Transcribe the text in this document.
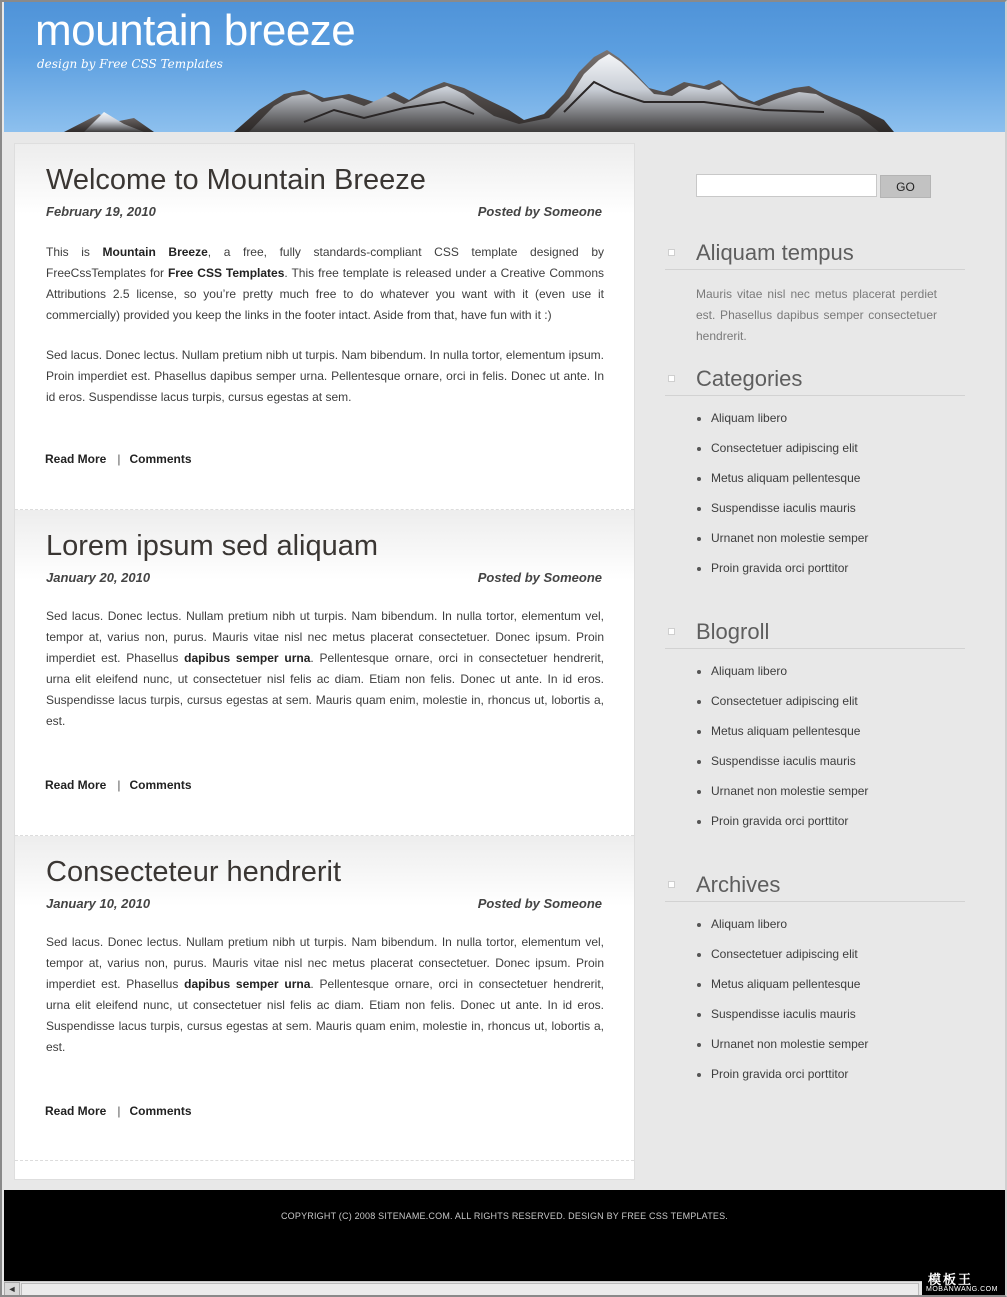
mountain breeze
design by Free CSS Templates
Welcome to Mountain Breeze
February 19, 2010	Posted by Someone

This is Mountain Breeze, a free, fully standards-compliant CSS template designed by FreeCssTemplates for Free CSS Templates. This free template is released under a Creative Commons Attributions 2.5 license, so you’re pretty much free to do whatever you want with it (even use it commercially) provided you keep the links in the footer intact. Aside from that, have fun with it :)

Sed lacus. Donec lectus. Nullam pretium nibh ut turpis. Nam bibendum. In nulla tortor, elementum ipsum. Proin imperdiet est. Phasellus dapibus semper urna. Pellentesque ornare, orci in felis. Donec ut ante. In id eros. Suspendisse lacus turpis, cursus egestas at sem.

Read More | Comments
Lorem ipsum sed aliquam
January 20, 2010	Posted by Someone

Sed lacus. Donec lectus. Nullam pretium nibh ut turpis. Nam bibendum. In nulla tortor, elementum vel, tempor at, varius non, purus. Mauris vitae nisl nec metus placerat consectetuer. Donec ipsum. Proin imperdiet est. Phasellus dapibus semper urna. Pellentesque ornare, orci in consectetuer hendrerit, urna elit eleifend nunc, ut consectetuer nisl felis ac diam. Etiam non felis. Donec ut ante. In id eros. Suspendisse lacus turpis, cursus egestas at sem. Mauris quam enim, molestie in, rhoncus ut, lobortis a, est.

Read More | Comments
Consecteteur hendrerit
January 10, 2010	Posted by Someone

Sed lacus. Donec lectus. Nullam pretium nibh ut turpis. Nam bibendum. In nulla tortor, elementum vel, tempor at, varius non, purus. Mauris vitae nisl nec metus placerat consectetuer. Donec ipsum. Proin imperdiet est. Phasellus dapibus semper urna. Pellentesque ornare, orci in consectetuer hendrerit, urna elit eleifend nunc, ut consectetuer nisl felis ac diam. Etiam non felis. Donec ut ante. In id eros. Suspendisse lacus turpis, cursus egestas at sem. Mauris quam enim, molestie in, rhoncus ut, lobortis a, est.

Read More | Comments
GO
Aliquam tempus
Mauris vitae nisl nec metus placerat perdiet est. Phasellus dapibus semper consectetuer hendrerit.
Categories
Aliquam libero
Consectetuer adipiscing elit
Metus aliquam pellentesque
Suspendisse iaculis mauris
Urnanet non molestie semper
Proin gravida orci porttitor
Blogroll
Aliquam libero
Consectetuer adipiscing elit
Metus aliquam pellentesque
Suspendisse iaculis mauris
Urnanet non molestie semper
Proin gravida orci porttitor
Archives
Aliquam libero
Consectetuer adipiscing elit
Metus aliquam pellentesque
Suspendisse iaculis mauris
Urnanet non molestie semper
Proin gravida orci porttitor
COPYRIGHT (C) 2008 SITENAME.COM. ALL RIGHTS RESERVED. DESIGN BY FREE CSS TEMPLATES.
◄
模板王
MOBANWANG.COM
